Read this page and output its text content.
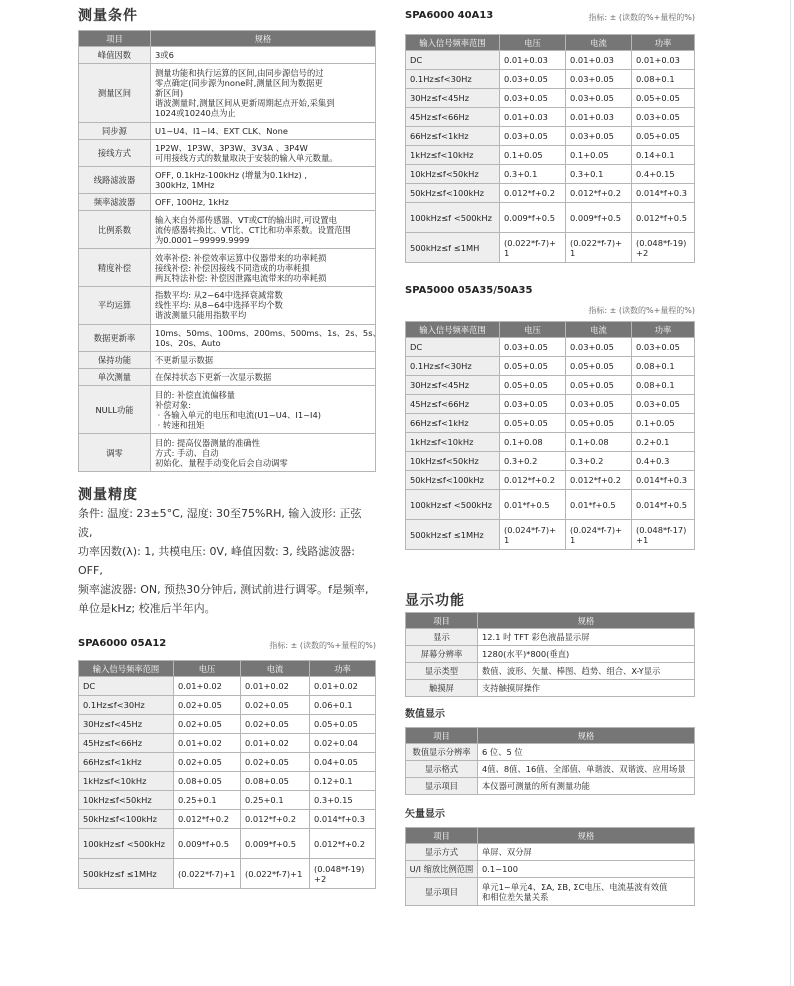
测量条件
项目	规格
峰值因数	3或6

测量区间	测量功能和执行运算的区间,由同步源信号的过
零点确定(同步源为none时,测量区间为数据更
新区间)
谐波测量时,测量区间从更新周期起点开始,采集到
1024或10240点为止

同步源	U1~U4、I1~I4、EXT CLK、None

接线方式	1P2W、1P3W、3P3W、3V3A 、3P4W
可用接线方式的数量取决于安装的输入单元数量。

线路滤波器	OFF, 0.1kHz-100kHz (增量为0.1kHz) ,
300kHz, 1MHz

频率滤波器	OFF, 100Hz, 1kHz

比例系数	输入来自外部传感器、VT或CT的输出时,可设置电
流传感器转换比、VT比、CT比和功率系数。设置范围
为0.0001~99999.9999

精度补偿	效率补偿: 补偿效率运算中仪器带来的功率耗损
接线补偿: 补偿因接线不同造成的功率耗损
两瓦特法补偿: 补偿因泄露电流带来的功率耗损

平均运算	指数平均: 从2~64中选择衰减常数
线性平均: 从8~64中选择平均个数
谐波测量只能用指数平均

数据更新率	10ms、50ms、100ms、200ms、500ms、1s、2s、5s、
10s、20s、Auto

保持功能	不更新显示数据

单次测量	在保持状态下更新一次显示数据

NULL功能	目的: 补偿直流偏移量
补偿对象:
· 各输入单元的电压和电流(U1~U4、I1~I4)
· 转速和扭矩

调零	目的: 提高仪器测量的准确性
方式: 手动、自动
初始化、量程手动变化后会自动调零
测量精度
条件: 温度: 23±5°C, 湿度: 30至75%RH, 输入波形: 正弦波,
功率因数(λ): 1, 共模电压: 0V, 峰值因数: 3, 线路滤波器: OFF,
频率滤波器: ON, 预热30分钟后, 测试前进行调零。f是频率,
单位是kHz; 校准后半年内。
SPA6000 05A12	指标: ± (读数的%+量程的%)
输入信号频率范围	电压	电流	功率
DC	0.01+0.02	0.01+0.02	0.01+0.02
0.1Hz≤f<30Hz	0.02+0.05	0.02+0.05	0.06+0.1
30Hz≤f<45Hz	0.02+0.05	0.02+0.05	0.05+0.05
45Hz≤f<66Hz	0.01+0.02	0.01+0.02	0.02+0.04
66Hz≤f<1kHz	0.02+0.05	0.02+0.05	0.04+0.05
1kHz≤f<10kHz	0.08+0.05	0.08+0.05	0.12+0.1
10kHz≤f<50kHz	0.25+0.1	0.25+0.1	0.3+0.15
50kHz≤f<100kHz	0.012*f+0.2	0.012*f+0.2	0.014*f+0.3
100kHz≤f <500kHz	0.009*f+0.5	0.009*f+0.5	0.012*f+0.2
500kHz≤f ≤1MHz	(0.022*f-7)+1	(0.022*f-7)+1	(0.048*f-19)+2
SPA6000 40A13	指标: ± (读数的%+量程的%)
输入信号频率范围	电压	电流	功率
DC	0.01+0.03	0.01+0.03	0.01+0.03
0.1Hz≤f<30Hz	0.03+0.05	0.03+0.05	0.08+0.1
30Hz≤f<45Hz	0.03+0.05	0.03+0.05	0.05+0.05
45Hz≤f<66Hz	0.01+0.03	0.01+0.03	0.03+0.05
66Hz≤f<1kHz	0.03+0.05	0.03+0.05	0.05+0.05
1kHz≤f<10kHz	0.1+0.05	0.1+0.05	0.14+0.1
10kHz≤f<50kHz	0.3+0.1	0.3+0.1	0.4+0.15
50kHz≤f<100kHz	0.012*f+0.2	0.012*f+0.2	0.014*f+0.3
100kHz≤f <500kHz	0.009*f+0.5	0.009*f+0.5	0.012*f+0.5
500kHz≤f ≤1MH	(0.022*f-7)+1	(0.022*f-7)+1	(0.048*f-19)+2
SPA5000 05A35/50A35
指标: ± (读数的%+量程的%)
输入信号频率范围	电压	电流	功率
DC	0.03+0.05	0.03+0.05	0.03+0.05
0.1Hz≤f<30Hz	0.05+0.05	0.05+0.05	0.08+0.1
30Hz≤f<45Hz	0.05+0.05	0.05+0.05	0.08+0.1
45Hz≤f<66Hz	0.03+0.05	0.03+0.05	0.03+0.05
66Hz≤f<1kHz	0.05+0.05	0.05+0.05	0.1+0.05
1kHz≤f<10kHz	0.1+0.08	0.1+0.08	0.2+0.1
10kHz≤f<50kHz	0.3+0.2	0.3+0.2	0.4+0.3
50kHz≤f<100kHz	0.012*f+0.2	0.012*f+0.2	0.014*f+0.3
100kHz≤f <500kHz	0.01*f+0.5	0.01*f+0.5	0.014*f+0.5
500kHz≤f ≤1MHz	(0.024*f-7)+1	(0.024*f-7)+1	(0.048*f-17)+1
显示功能
项目	规格
显示	12.1 吋 TFT 彩色液晶显示屏

屏幕分辨率	1280(水平)*800(垂直)

显示类型	数值、波形、矢量、棒图、趋势、组合、X-Y显示

触摸屏	支持触摸屏操作
数值显示
项目	规格
数值显示分辨率	6 位、5 位

显示格式	4值、8值、16值、全部值、单谐波、双谐波、应用场景

显示项目	本仪器可测量的所有测量功能
矢量显示
项目	规格
显示方式	单屏、双分屏

U/I 缩放比例范围	0.1~100

显示项目	单元1~单元4、ΣA, ΣB, ΣC电压、电流基波有效值
和相位差矢量关系
